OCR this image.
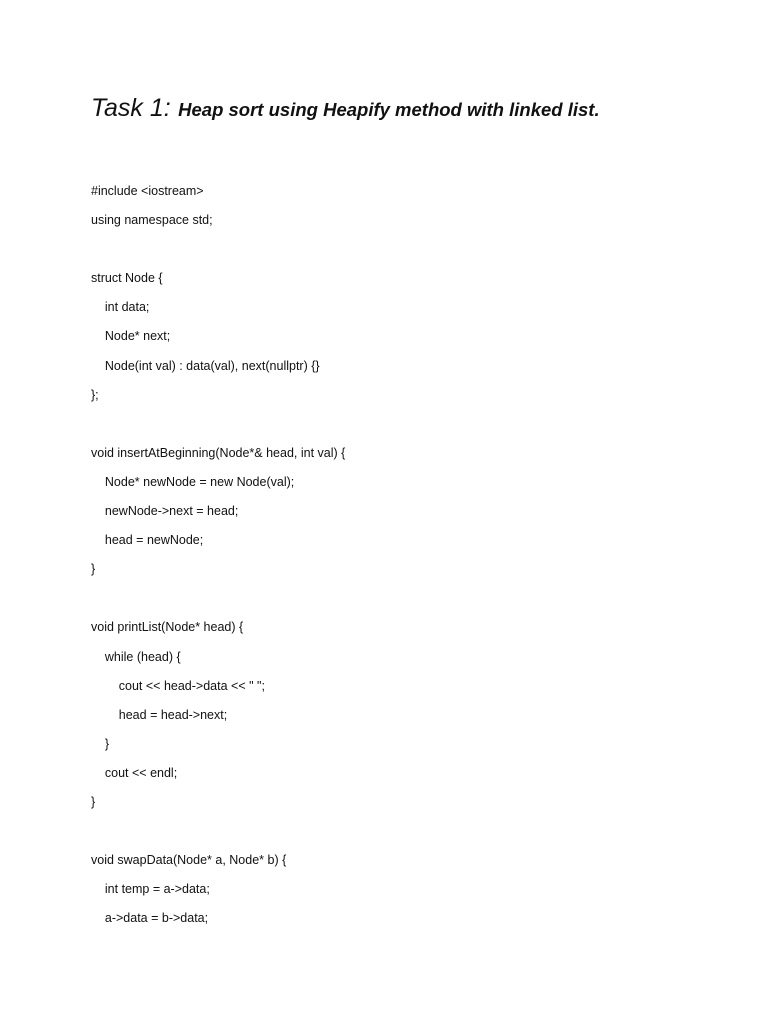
Task 1: Heap sort using Heapify method with linked list.
#include <iostream>
using namespace std;
struct Node {
int data;
Node* next;
Node(int val) : data(val), next(nullptr) {}
};
void insertAtBeginning(Node*& head, int val) {
Node* newNode = new Node(val);
newNode->next = head;
head = newNode;
}
void printList(Node* head) {
while (head) {
cout << head->data << " ";
head = head->next;
}
cout << endl;
}
void swapData(Node* a, Node* b) {
int temp = a->data;
a->data = b->data;
